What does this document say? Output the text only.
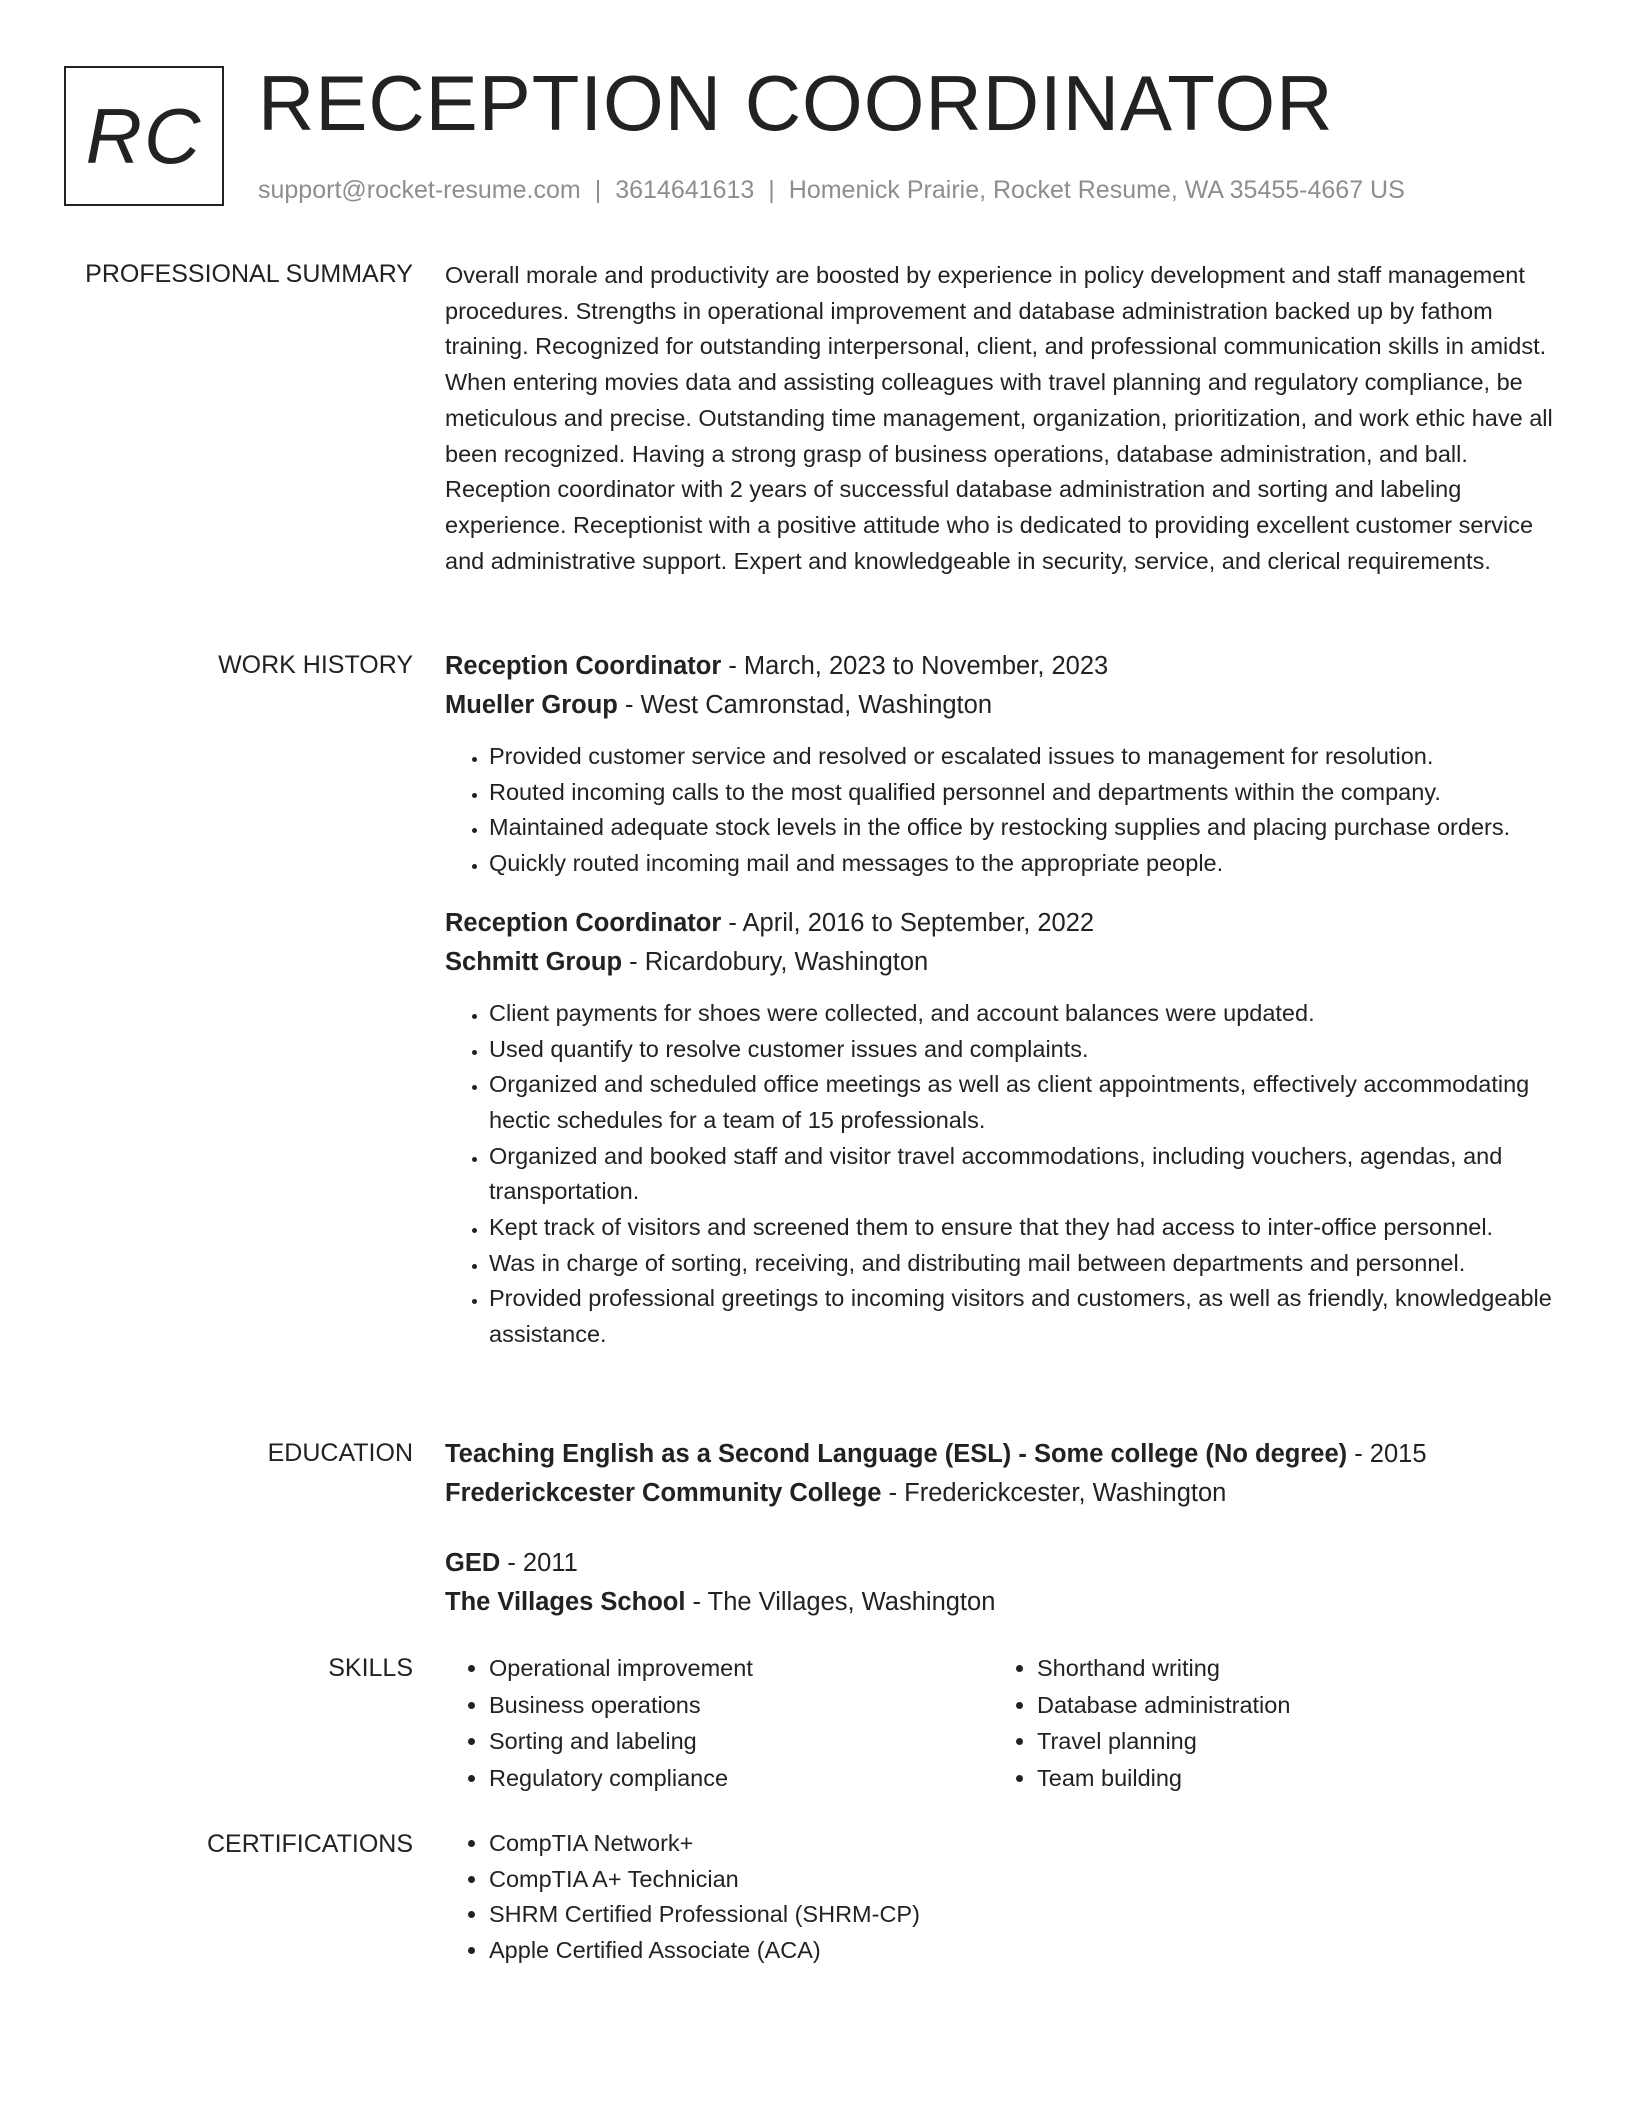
RC RECEPTION COORDINATOR
support@rocket-resume.com | 3614641613 | Homenick Prairie, Rocket Resume, WA 35455-4667 US
PROFESSIONAL SUMMARY Overall morale and productivity are boosted by experience in policy development and staff management procedures. Strengths in operational improvement and database administration backed up by fathom training. Recognized for outstanding interpersonal, client, and professional communication skills in amidst. When entering movies data and assisting colleagues with travel planning and regulatory compliance, be meticulous and precise. Outstanding time management, organization, prioritization, and work ethic have all been recognized. Having a strong grasp of business operations, database administration, and ball. Reception coordinator with 2 years of successful database administration and sorting and labeling experience. Receptionist with a positive attitude who is dedicated to providing excellent customer service and administrative support. Expert and knowledgeable in security, service, and clerical requirements.

WORK HISTORY Reception Coordinator - March, 2023 to November, 2023
Mueller Group - West Camronstad, Washington
• Provided customer service and resolved or escalated issues to management for resolution.
• Routed incoming calls to the most qualified personnel and departments within the company.
• Maintained adequate stock levels in the office by restocking supplies and placing purchase orders.
• Quickly routed incoming mail and messages to the appropriate people.
Reception Coordinator - April, 2016 to September, 2022
Schmitt Group - Ricardobury, Washington
• Client payments for shoes were collected, and account balances were updated.
• Used quantify to resolve customer issues and complaints.
• Organized and scheduled office meetings as well as client appointments, effectively accommodating hectic schedules for a team of 15 professionals.
• Organized and booked staff and visitor travel accommodations, including vouchers, agendas, and transportation.
• Kept track of visitors and screened them to ensure that they had access to inter-office personnel.
• Was in charge of sorting, receiving, and distributing mail between departments and personnel.
• Provided professional greetings to incoming visitors and customers, as well as friendly, knowledgeable assistance.
EDUCATION Teaching English as a Second Language (ESL) - Some college (No degree) - 2015
Frederickcester Community College - Frederickcester, Washington
GED - 2011
The Villages School - The Villages, Washington
SKILLS	• Operational improvement
• Business operations
• Sorting and labeling
• Regulatory compliance
• Shorthand writing
• Database administration
• Travel planning
• Team building
CERTIFICATIONS	• CompTIA Network+
• CompTIA A+ Technician
• SHRM Certified Professional (SHRM-CP)
• Apple Certified Associate (ACA)
